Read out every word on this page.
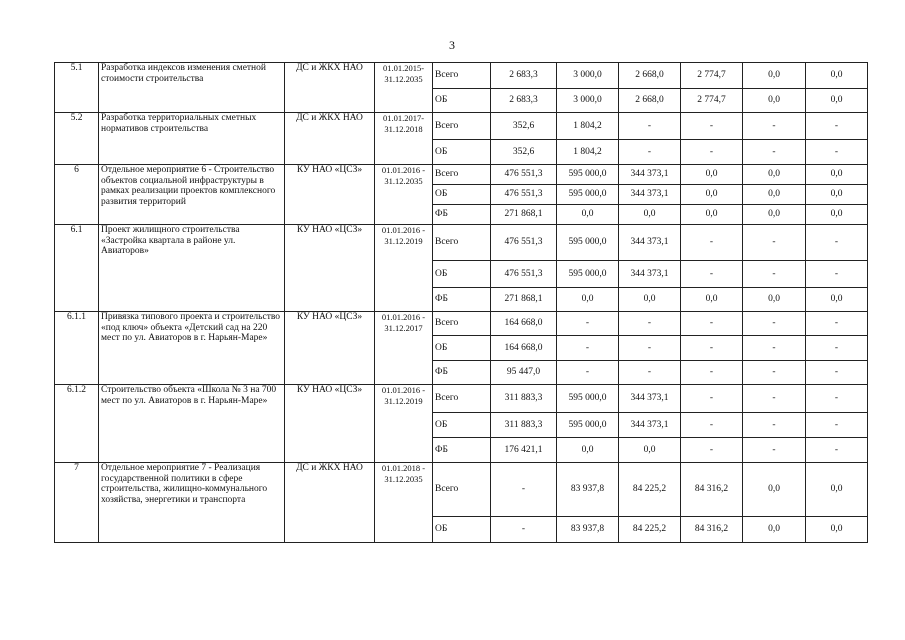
3
5.1	Разработка индексов изменения сметной стоимости строительства	ДС и ЖКХ НАО	01.01.2015-
31.12.2035	Всего	2 683,3	3 000,0	2 668,0	2 774,7	0,0	0,0
				ОБ	2 683,3	3 000,0	2 668,0	2 774,7	0,0	0,0
5.2	Разработка территориальных сметных нормативов строительства	ДС и ЖКХ НАО	01.01.2017-
31.12.2018	Всего	352,6	1 804,2	-	-	-	-
				ОБ	352,6	1 804,2	-	-	-	-
6	Отдельное мероприятие 6 - Строительство объектов социальной инфраструктуры в рамках реализации проектов комплексного развития территорий	КУ НАО «ЦСЗ»	01.01.2016 -
31.12.2035	Всего	476 551,3	595 000,0	344 373,1	0,0	0,0	0,0
				ОБ	476 551,3	595 000,0	344 373,1	0,0	0,0	0,0
				ФБ	271 868,1	0,0	0,0	0,0	0,0	0,0
6.1	Проект жилищного строительства «Застройка квартала в районе ул. Авиаторов»	КУ НАО «ЦСЗ»	01.01.2016 -
31.12.2019	Всего	476 551,3	595 000,0	344 373,1	-	-	-
				ОБ	476 551,3	595 000,0	344 373,1	-	-	-
				ФБ	271 868,1	0,0	0,0	0,0	0,0	0,0
6.1.1	Привязка типового проекта и строительство «под ключ» объекта «Детский сад на 220 мест по ул. Авиаторов в г. Нарьян-Маре»	КУ НАО «ЦСЗ»	01.01.2016 -
31.12.2017	Всего	164 668,0	-	-	-	-	-
				ОБ	164 668,0	-	-	-	-	-
				ФБ	95 447,0	-	-	-	-	-
6.1.2	Строительство объекта «Школа № 3 на 700 мест по ул. Авиаторов в г. Нарьян-Маре»	КУ НАО «ЦСЗ»	01.01.2016 -
31.12.2019	Всего	311 883,3	595 000,0	344 373,1	-	-	-
				ОБ	311 883,3	595 000,0	344 373,1	-	-	-
				ФБ	176 421,1	0,0	0,0	-	-	-
7	Отдельное мероприятие 7 - Реализация государственной политики в сфере строительства, жилищно-коммунального хозяйства, энергетики и транспорта	ДС и ЖКХ НАО	01.01.2018 -
31.12.2035	Всего	-	83 937,8	84 225,2	84 316,2	0,0	0,0
				ОБ	-	83 937,8	84 225,2	84 316,2	0,0	0,0
